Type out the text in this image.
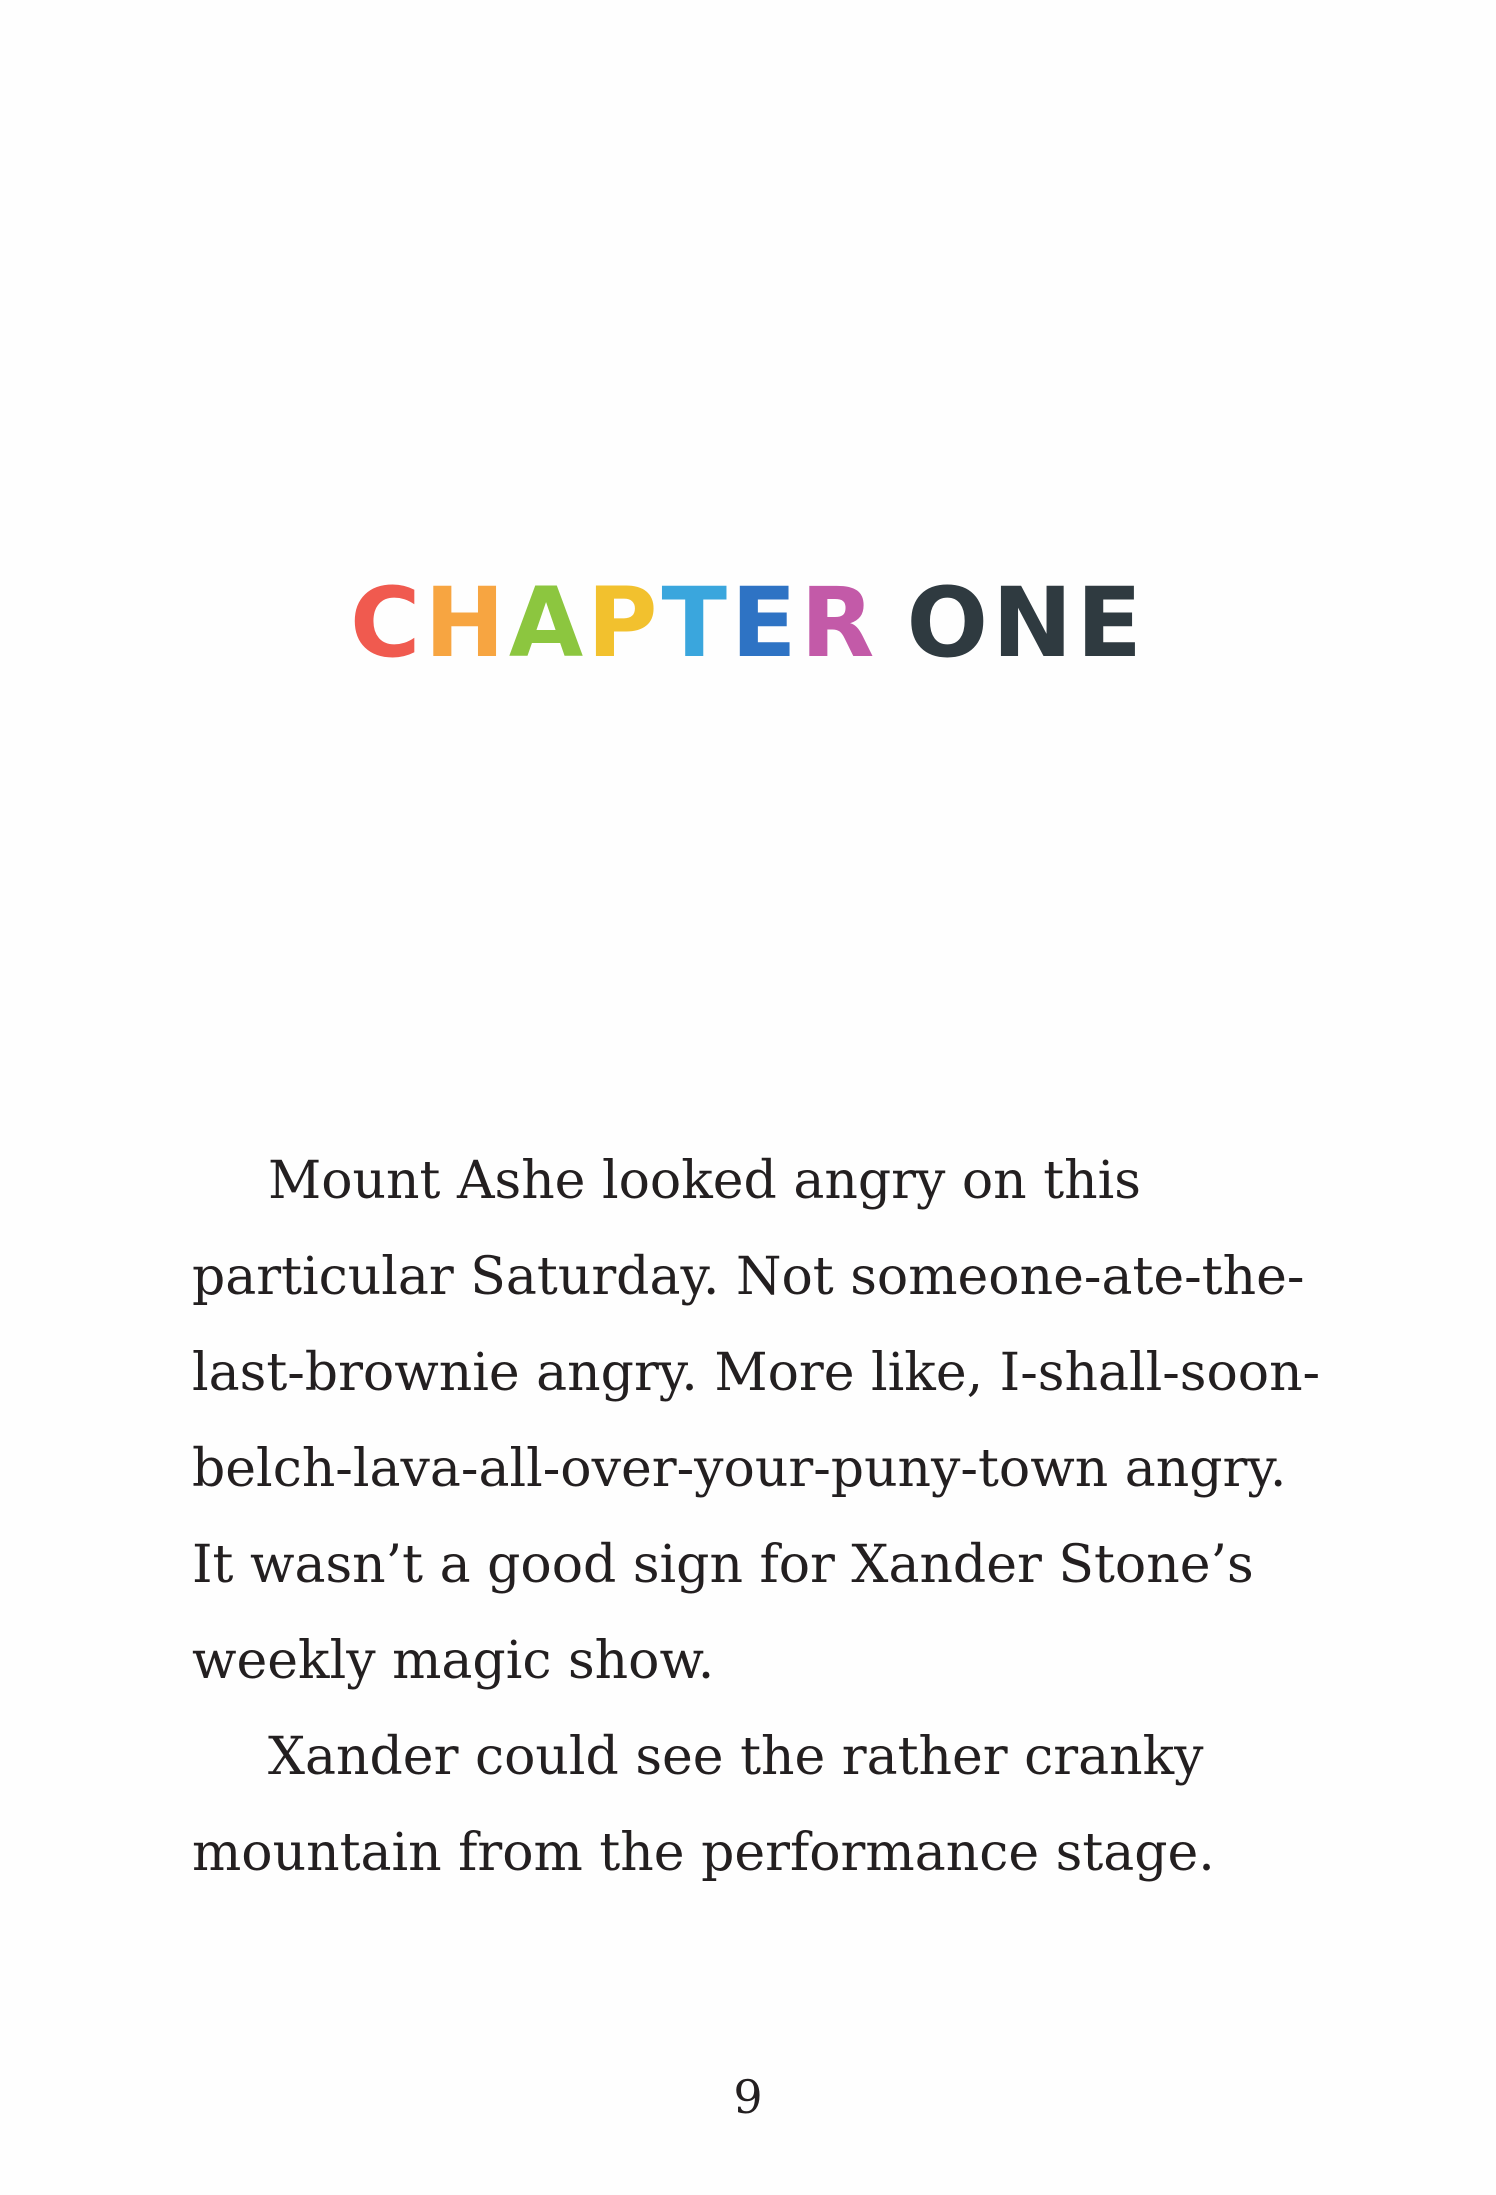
CHAPTER ONE

Mount Ashe looked angry on this
particular Saturday. Not someone-ate-the-
last-brownie angry. More like, I-shall-soon-
belch-lava-all-over-your-puny-town angry.
It wasn’t a good sign for Xander Stone’s
weekly magic show.

Xander could see the rather cranky
mountain from the performance stage.

9
